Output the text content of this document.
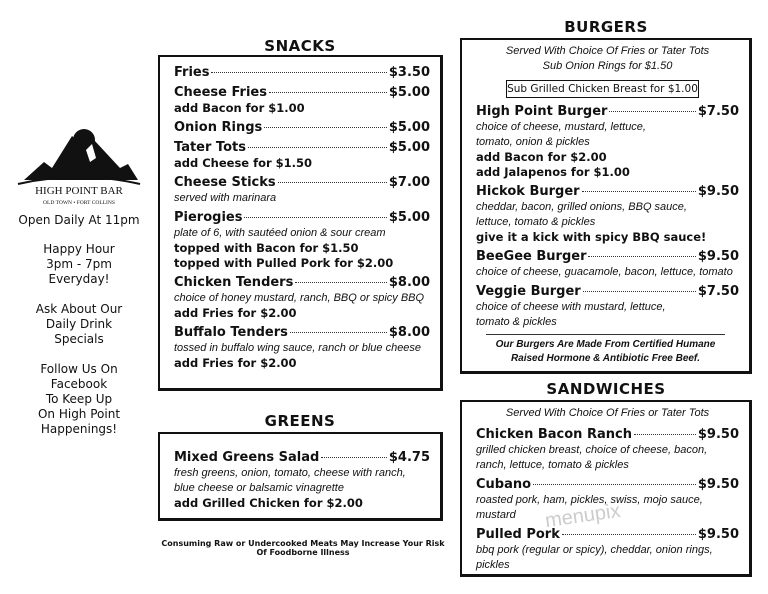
HIGH POINT BAR
OLD TOWN • FORT COLLINS

Open Daily At 11pm

Happy Hour
3pm - 7pm
Everyday!

Ask About Our
Daily Drink
Specials

Follow Us On
Facebook
To Keep Up
On High Point
Happenings!

SNACKS
Fries	$3.50
Cheese Fries	$5.00
add Bacon for $1.00
Onion Rings	$5.00
Tater Tots	$5.00
add Cheese for $1.50
Cheese Sticks	$7.00
served with marinara
Pierogies	$5.00
plate of 6, with sautéed onion & sour cream
topped with Bacon for $1.50
topped with Pulled Pork for $2.00
Chicken Tenders	$8.00
choice of honey mustard, ranch, BBQ or spicy BBQ
add Fries for $2.00
Buffalo Tenders	$8.00
tossed in buffalo wing sauce, ranch or blue cheese
add Fries for $2.00
GREENS
Mixed Greens Salad	$4.75
fresh greens, onion, tomato, cheese with ranch,
blue cheese or balsamic vinagrette
add Grilled Chicken for $2.00
Consuming Raw or Undercooked Meats May Increase Your Risk Of Foodborne Illness
BURGERS
Served With Choice Of Fries or Tater Tots
Sub Onion Rings for $1.50
Sub Grilled Chicken Breast for $1.00
High Point Burger	$7.50
choice of cheese, mustard, lettuce,
tomato, onion & pickles
add Bacon for $2.00
add Jalapenos for $1.00
Hickok Burger	$9.50
cheddar, bacon, grilled onions, BBQ sauce,
lettuce, tomato & pickles
give it a kick with spicy BBQ sauce!
BeeGee Burger	$9.50
choice of cheese, guacamole, bacon, lettuce, tomato
Veggie Burger	$7.50
choice of cheese with mustard, lettuce,
tomato & pickles
Our Burgers Are Made From Certified Humane
Raised Hormone & Antibiotic Free Beef.
SANDWICHES
Served With Choice Of Fries or Tater Tots
Chicken Bacon Ranch	$9.50
grilled chicken breast, choice of cheese, bacon,
ranch, lettuce, tomato & pickles
Cubano	$9.50
roasted pork, ham, pickles, swiss, mojo sauce,
mustard
Pulled Pork	$9.50
bbq pork (regular or spicy), cheddar, onion rings,
pickles
menupix
